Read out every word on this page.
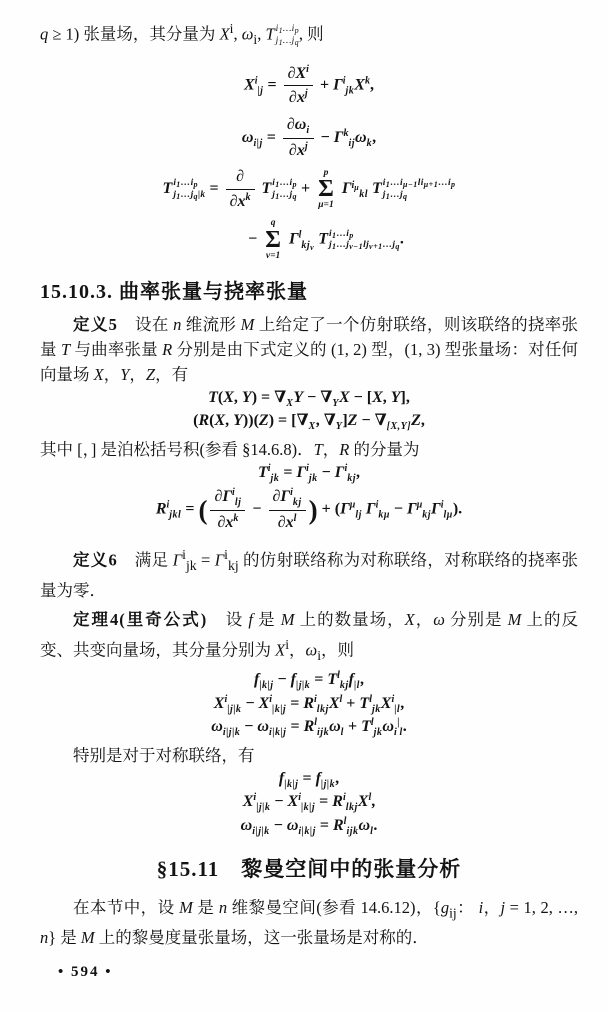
q ≥ 1) 张量场，其分量为 $X^i$, $\omega_i$, T $i_1\dots i_p$
$j_1\dots j_q$ , 则
$X^i_{|j} = \frac{\partial X^i}{\partial x^j} + \Gamma^i_{jk}X^k$,
$\omega_{i|j} = \frac{\partial\omega_i}{\partial x^j} - \Gamma^k_{ij}\omega_k$,
T $i_1\dots i_p$
$j_1\dots j_q|k = \frac{\partial}{\partial x^k}$ T $i_1\dots i_p$
$j_1\dots j_q$ +
p
Σ
μ=1
$\Gamma^{i_\mu}_{kl}$ T $i_1\dots i_{\mu-1}li_{\mu+1}\dots i_p$
$j_1\dots j_q$
−
q
Σ
ν=1
$\Gamma^l_{kj_\nu}$ T $i_1\dots i_p$
$j_1\dots j_{\nu-1}lj_{\nu+1}\dots j_q$ .
15.10.3. 曲率张量与挠率张量
定义5　设在 n 维流形 M 上给定了一个仿射联络，则该联络的挠率张量 T 与曲率张量 R 分别是由下式定义的 (1, 2) 型，(1, 3) 型张量场：对任何向量场 X，Y，Z，有
T(X, $Y) = \nabla_XY - \nabla_YX - [X$, Y],
(R(X, $Y))(Z) = [\nabla_X$, $\nabla_Y]Z - \nabla_{[X,Y]}Z$,
其中 [，] 是泊松括号积(参看 §14.6.8)．T，R 的分量为
$T^i_{jk} = \Gamma^i_{jk} - \Gamma^i_{kj}$,
$R^i_{jkl}$ = ( $\frac{\partial\Gamma^i_{lj}}{\partial x^k} - \frac{\partial\Gamma^i_{kj}}{\partial x^l}$ ) + ($\Gamma^\mu_{lj}$ $\Gamma^i_{k\mu} - \Gamma^\mu_{kj}\Gamma^i_{l\mu}$).
定义6　满足 $\Gamma^i_{jk} = \Gamma^i_{kj}$ 的仿射联络称为对称联络，对称联络的挠率张量为零．
定理4(里奇公式)　设 f 是 M 上的数量场，X，ω 分别是 M 上的反变、共变向量场，其分量分别为 $X^i$，$\omega_i$，则
$f_{|k|j} - f_{|j|k} = T^l_{kj}f_{|l}$,
$X^i_{|j|k} - X^i_{|k|j} = R^i_{lkj}X^l + T^l_{jk}X^i_{|l}$,
$\omega_{i|j|k} - \omega_{i|k|j} = R^l_{ijk}\omega_l + T^l_{jk}\omega_i^|_l$.
特别是对于对称联络，有
$f_{|k|j} = f_{|j|k}$,
$X^i_{|j|k} - X^i_{|k|j} = R^i_{lkj}X^l$,
$\omega_{i|j|k} - \omega_{i|k|j} = R^l_{ijk}\omega_l$.
§15.11　黎曼空间中的张量分析
在本节中，设 M 是 n 维黎曼空间(参看 14.6.12)，{$g_{ij}$： i，j = 1, 2, …, n} 是 M 上的黎曼度量张量场，这一张量场是对称的．
• 594 •
